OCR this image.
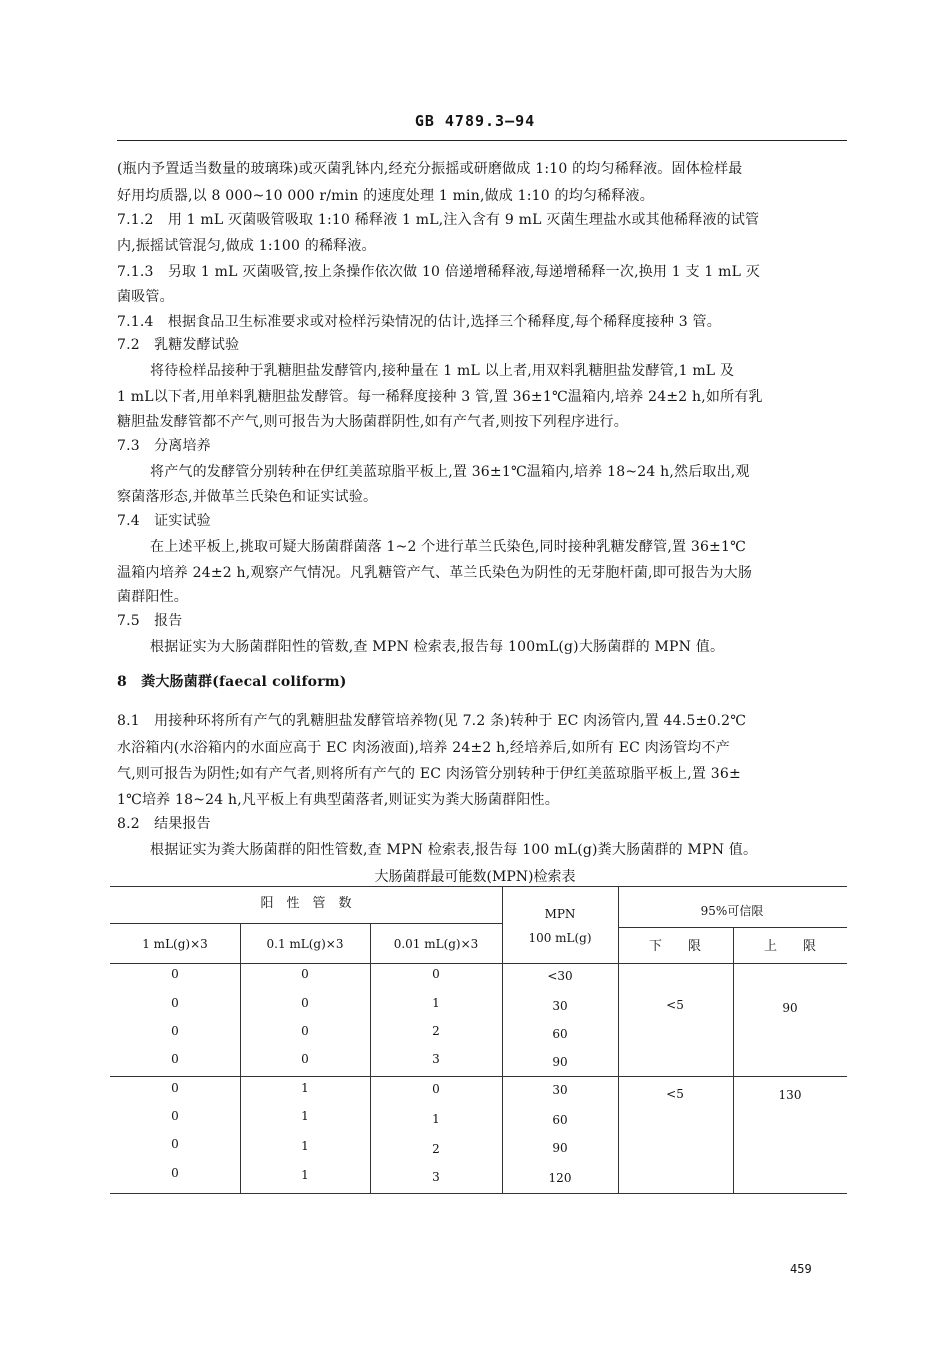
GB 4789.3—94
(瓶内予置适当数量的玻璃珠)或灭菌乳钵内,经充分振摇或研磨做成 1:10 的均匀稀释液。固体检样最
好用均质器,以 8 000~10 000 r/min 的速度处理 1 min,做成 1:10 的均匀稀释液。
7.1.2　用 1 mL 灭菌吸管吸取 1:10 稀释液 1 mL,注入含有 9 mL 灭菌生理盐水或其他稀释液的试管
内,振摇试管混匀,做成 1:100 的稀释液。
7.1.3　另取 1 mL 灭菌吸管,按上条操作依次做 10 倍递增稀释液,每递增稀释一次,换用 1 支 1 mL 灭
菌吸管。
7.1.4　根据食品卫生标准要求或对检样污染情况的估计,选择三个稀释度,每个稀释度接种 3 管。
7.2　乳糖发酵试验
将待检样品接种于乳糖胆盐发酵管内,接种量在 1 mL 以上者,用双料乳糖胆盐发酵管,1 mL 及
1 mL以下者,用单料乳糖胆盐发酵管。每一稀释度接种 3 管,置 36±1℃温箱内,培养 24±2 h,如所有乳
糖胆盐发酵管都不产气,则可报告为大肠菌群阴性,如有产气者,则按下列程序进行。
7.3　分离培养
将产气的发酵管分别转种在伊红美蓝琼脂平板上,置 36±1℃温箱内,培养 18~24 h,然后取出,观
察菌落形态,并做革兰氏染色和证实试验。
7.4　证实试验
在上述平板上,挑取可疑大肠菌群菌落 1~2 个进行革兰氏染色,同时接种乳糖发酵管,置 36±1℃
温箱内培养 24±2 h,观察产气情况。凡乳糖管产气、革兰氏染色为阴性的无芽胞杆菌,即可报告为大肠
菌群阳性。
7.5　报告
根据证实为大肠菌群阳性的管数,查 MPN 检索表,报告每 100mL(g)大肠菌群的 MPN 值。
8　粪大肠菌群(faecal coliform)
8.1　用接种环将所有产气的乳糖胆盐发酵管培养物(见 7.2 条)转种于 EC 肉汤管内,置 44.5±0.2℃
水浴箱内(水浴箱内的水面应高于 EC 肉汤液面),培养 24±2 h,经培养后,如所有 EC 肉汤管均不产
气,则可报告为阴性;如有产气者,则将所有产气的 EC 肉汤管分别转种于伊红美蓝琼脂平板上,置 36±
1℃培养 18~24 h,凡平板上有典型菌落者,则证实为粪大肠菌群阳性。
8.2　结果报告
根据证实为粪大肠菌群的阳性管数,查 MPN 检索表,报告每 100 mL(g)粪大肠菌群的 MPN 值。
大肠菌群最可能数(MPN)检索表
阳　性　管　数
1 mL(g)×3	0.1 mL(g)×3	0.01 mL(g)×3
MPN
100 mL(g)
95%可信限
下　　限	上　　限
0	0	0	<30
0	0	1	30
0	0	2	60
0	0	3	90
<5	90
0	1	0	30
0	1	1	60
0	1	2	90
0	1	3	120
<5	130
459
